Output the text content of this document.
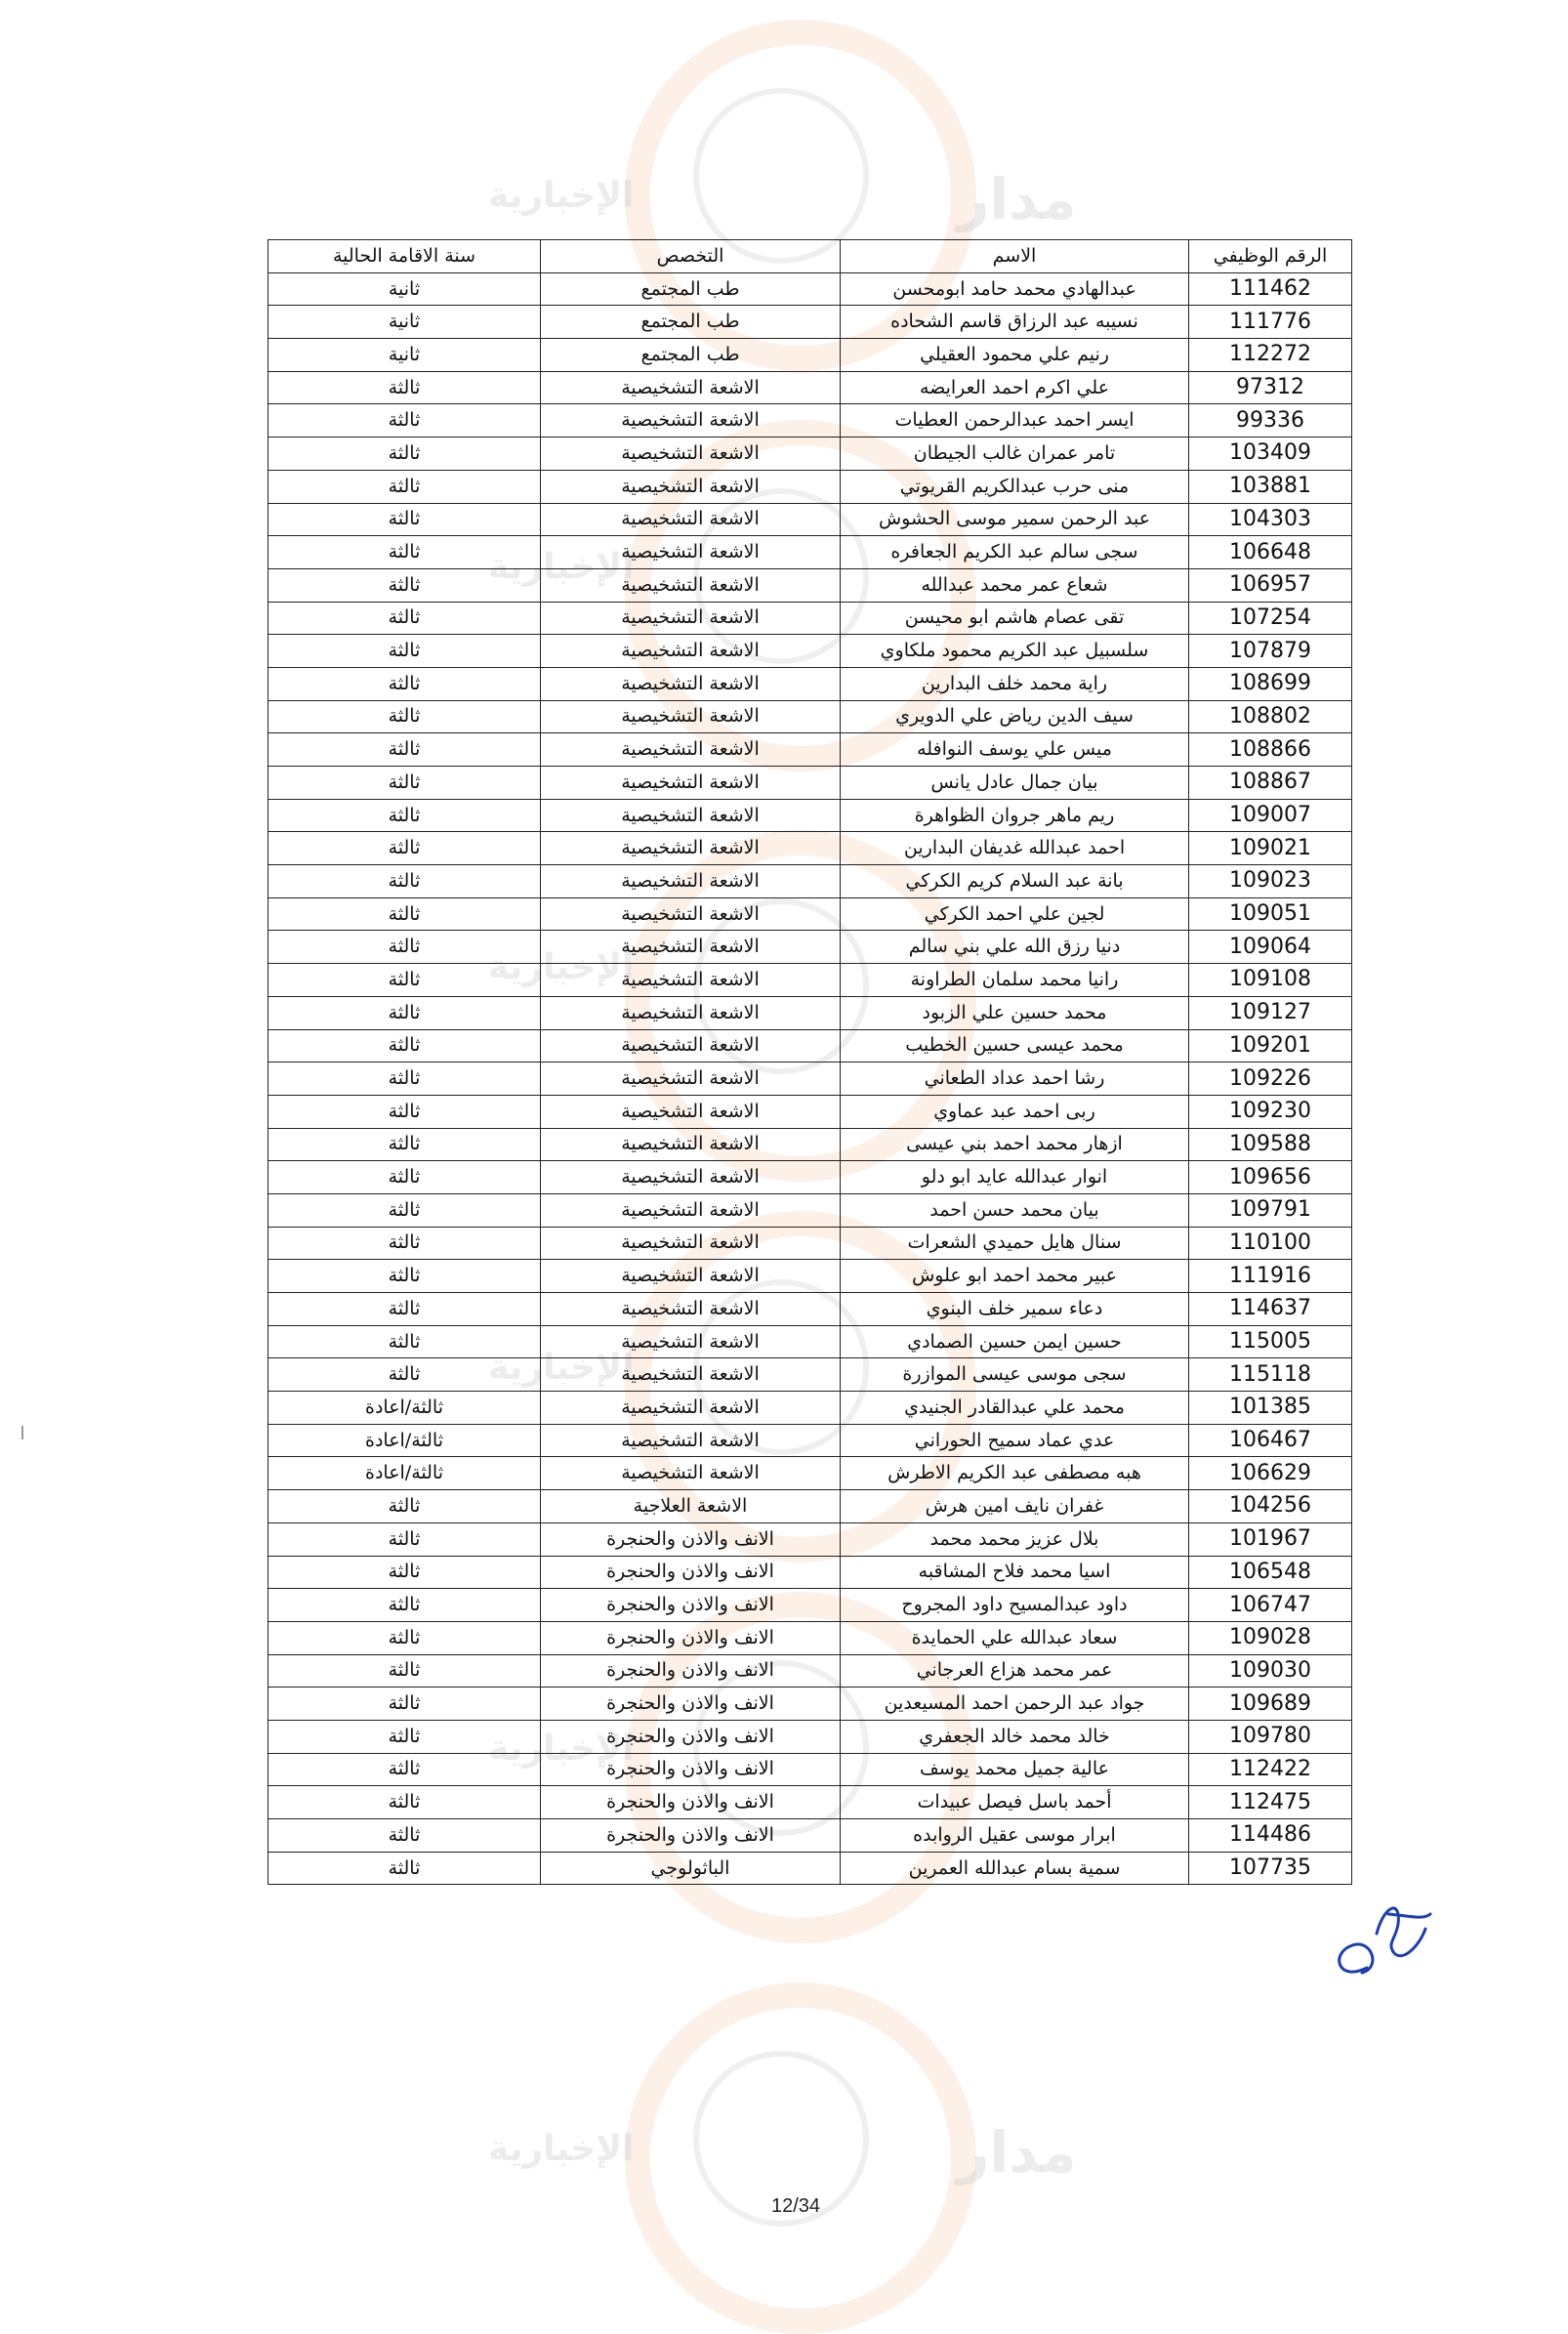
مدار
الإخبارية
الإخبارية
الإخبارية
الإخبارية
الإخبارية
مدار
الإخبارية
الرقم الوظيفي	الاسم	التخصص	سنة الاقامة الحالية
111462	عبدالهادي محمد حامد ابومحسن	طب المجتمع	ثانية
111776	نسيبه عبد الرزاق قاسم الشحاده	طب المجتمع	ثانية
112272	رنيم علي محمود العقيلي	طب المجتمع	ثانية
97312	علي اكرم احمد العرايضه	الاشعة التشخيصية	ثالثة
99336	ايسر احمد عبدالرحمن العطيات	الاشعة التشخيصية	ثالثة
103409	تامر عمران غالب الجيطان	الاشعة التشخيصية	ثالثة
103881	منى حرب عبدالكريم القريوتي	الاشعة التشخيصية	ثالثة
104303	عبد الرحمن سمير موسى الحشوش	الاشعة التشخيصية	ثالثة
106648	سجى سالم عبد الكريم الجعافره	الاشعة التشخيصية	ثالثة
106957	شعاع عمر محمد عبدالله	الاشعة التشخيصية	ثالثة
107254	تقى عصام هاشم ابو محيسن	الاشعة التشخيصية	ثالثة
107879	سلسبيل عبد الكريم محمود ملكاوي	الاشعة التشخيصية	ثالثة
108699	راية محمد خلف البدارين	الاشعة التشخيصية	ثالثة
108802	سيف الدين رياض علي الدويري	الاشعة التشخيصية	ثالثة
108866	ميس علي يوسف النوافله	الاشعة التشخيصية	ثالثة
108867	بيان جمال عادل يانس	الاشعة التشخيصية	ثالثة
109007	ريم ماهر جروان الظواهرة	الاشعة التشخيصية	ثالثة
109021	احمد عبدالله غديفان البدارين	الاشعة التشخيصية	ثالثة
109023	بانة عبد السلام كريم الكركي	الاشعة التشخيصية	ثالثة
109051	لجين علي احمد الكركي	الاشعة التشخيصية	ثالثة
109064	دنيا رزق الله علي بني سالم	الاشعة التشخيصية	ثالثة
109108	رانيا محمد سلمان الطراونة	الاشعة التشخيصية	ثالثة
109127	محمد حسين علي الزبود	الاشعة التشخيصية	ثالثة
109201	محمد عيسى حسين الخطيب	الاشعة التشخيصية	ثالثة
109226	رشا احمد عداد الطعاني	الاشعة التشخيصية	ثالثة
109230	ربى احمد عبد عماوي	الاشعة التشخيصية	ثالثة
109588	ازهار محمد احمد بني عيسى	الاشعة التشخيصية	ثالثة
109656	انوار عبدالله عايد ابو دلو	الاشعة التشخيصية	ثالثة
109791	بيان محمد حسن احمد	الاشعة التشخيصية	ثالثة
110100	سنال هايل حميدي الشعرات	الاشعة التشخيصية	ثالثة
111916	عبير محمد احمد ابو علوش	الاشعة التشخيصية	ثالثة
114637	دعاء سمير خلف البنوي	الاشعة التشخيصية	ثالثة
115005	حسين ايمن حسين الصمادي	الاشعة التشخيصية	ثالثة
115118	سجى موسى عيسى الموازرة	الاشعة التشخيصية	ثالثة
101385	محمد علي عبدالقادر الجنيدي	الاشعة التشخيصية	ثالثة/اعادة
106467	عدي عماد سميح الحوراني	الاشعة التشخيصية	ثالثة/اعادة
106629	هبه مصطفى عبد الكريم الاطرش	الاشعة التشخيصية	ثالثة/اعادة
104256	غفران نايف امين هرش	الاشعة العلاجية	ثالثة
101967	بلال عزيز محمد محمد	الانف والاذن والحنجرة	ثالثة
106548	اسيا محمد فلاح المشاقبه	الانف والاذن والحنجرة	ثالثة
106747	داود عبدالمسيح داود المجروح	الانف والاذن والحنجرة	ثالثة
109028	سعاد عبدالله علي الحمايدة	الانف والاذن والحنجرة	ثالثة
109030	عمر محمد هزاع العرجاني	الانف والاذن والحنجرة	ثالثة
109689	جواد عبد الرحمن احمد المسيعدين	الانف والاذن والحنجرة	ثالثة
109780	خالد محمد خالد الجعفري	الانف والاذن والحنجرة	ثالثة
112422	عالية جميل محمد يوسف	الانف والاذن والحنجرة	ثالثة
112475	أحمد باسل فيصل عبيدات	الانف والاذن والحنجرة	ثالثة
114486	ابرار موسى عقيل الروابده	الانف والاذن والحنجرة	ثالثة
107735	سمية بسام عبدالله العمرين	الباثولوجي	ثالثة
12/34
